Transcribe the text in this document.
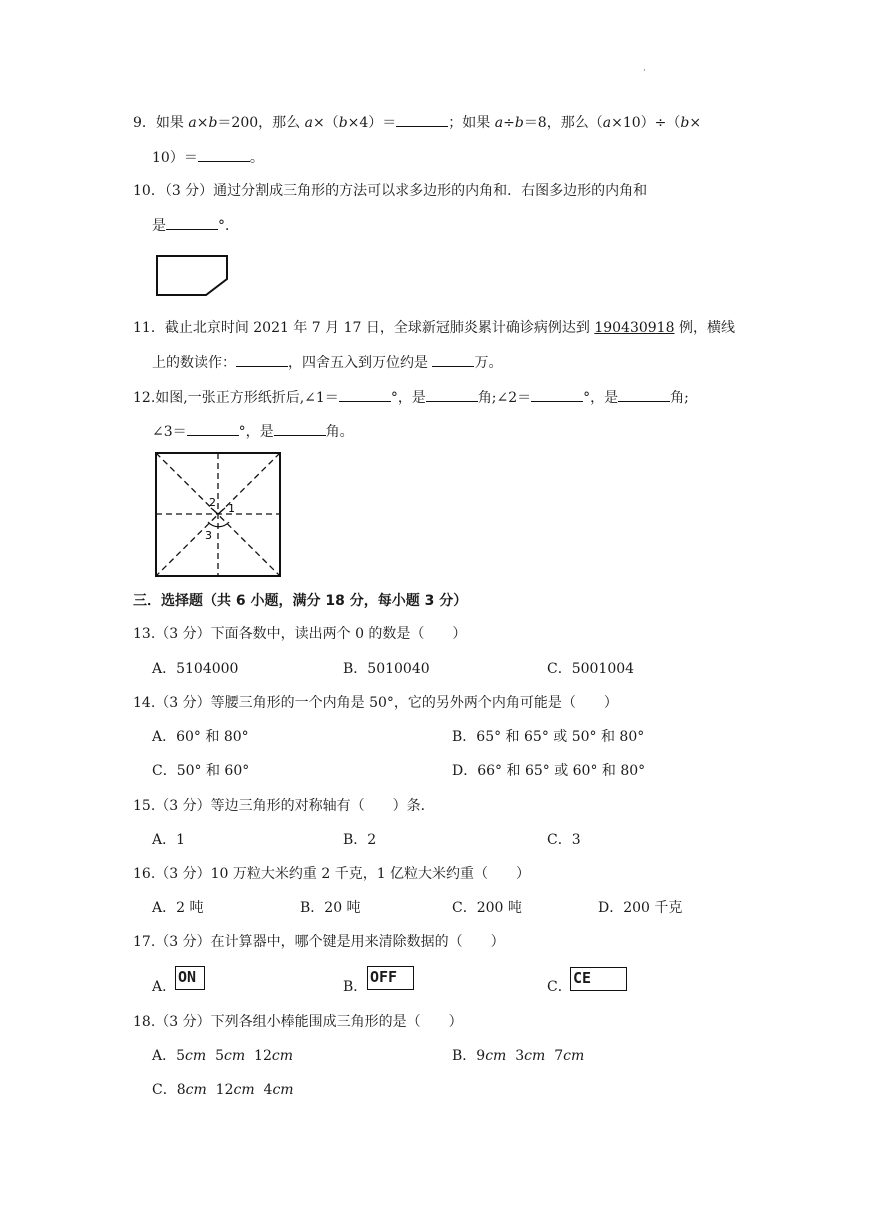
·
9．如果 a×b＝200，那么 a×（b×4）＝	；如果 a÷b＝8，那么（a×10）÷（b×
10）＝	。
10．（3 分）通过分割成三角形的方法可以求多边形的内角和．右图多边形的内角和
是	°．
11．截止北京时间 2021 年 7 月 17 日，全球新冠肺炎累计确诊病例达到 190430918 例，横线
上的数读作：	，四舍五入到万位约是	万。
12.如图,一张正方形纸折后,∠1＝	°，是	角;∠2＝	°，是	角;
∠3＝	°，是	角。
2 1
3
三．选择题（共 6 小题，满分 18 分，每小题 3 分）
13.（3 分）下面各数中，读出两个 0 的数是（　　）
A．5104000	B．5010040	C．5001004
14.（3 分）等腰三角形的一个内角是 50°，它的另外两个内角可能是（　　）
A．60° 和 80°	B．65° 和 65° 或 50° 和 80°
C．50° 和 60°	D．66° 和 65° 或 60° 和 80°
15.（3 分）等边三角形的对称轴有（　　）条．
A．1	B．2	C．3
16.（3 分）10 万粒大米约重 2 千克，1 亿粒大米约重（　　）
A．2 吨	B．20 吨	C．200 吨	D．200 千克
17.（3 分）在计算器中，哪个键是用来清除数据的（　　）
A．
ON
B．
OFF
C． CE
18.（3 分）下列各组小棒能围成三角形的是（　　）
A．5cm 5cm 12cm	B．9cm 3cm 7cm
C．8cm 12cm 4cm
